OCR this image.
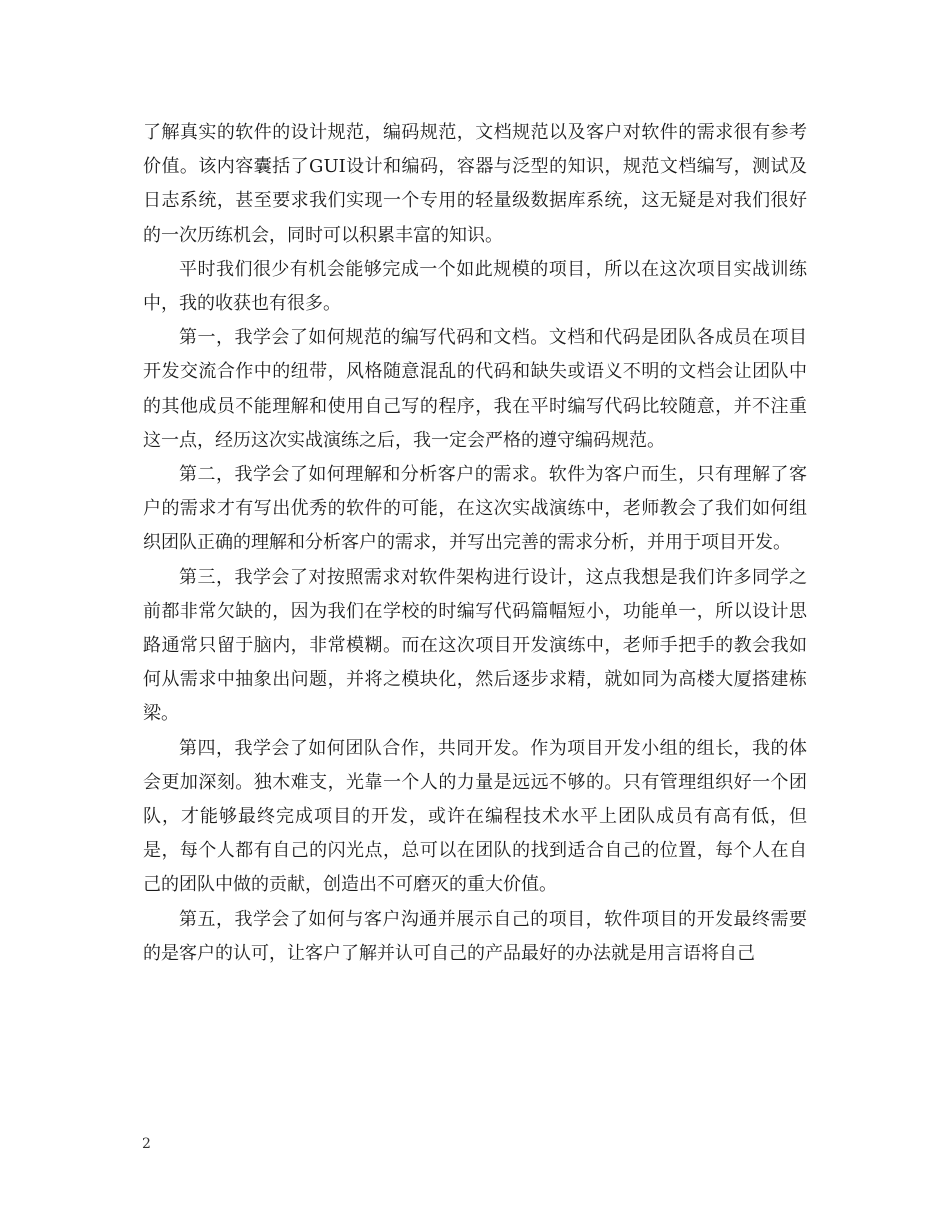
了解真实的软件的设计规范，编码规范，文档规范以及客户对软件的需求很有参考价值。该内容囊括了GUI设计和编码，容器与泛型的知识，规范文档编写，测试及日志系统，甚至要求我们实现一个专用的轻量级数据库系统，这无疑是对我们很好的一次历练机会，同时可以积累丰富的知识。

平时我们很少有机会能够完成一个如此规模的项目，所以在这次项目实战训练中，我的收获也有很多。

第一，我学会了如何规范的编写代码和文档。文档和代码是团队各成员在项目开发交流合作中的纽带，风格随意混乱的代码和缺失或语义不明的文档会让团队中的其他成员不能理解和使用自己写的程序，我在平时编写代码比较随意，并不注重这一点，经历这次实战演练之后，我一定会严格的遵守编码规范。

第二，我学会了如何理解和分析客户的需求。软件为客户而生，只有理解了客户的需求才有写出优秀的软件的可能，在这次实战演练中，老师教会了我们如何组织团队正确的理解和分析客户的需求，并写出完善的需求分析，并用于项目开发。

第三，我学会了对按照需求对软件架构进行设计，这点我想是我们许多同学之前都非常欠缺的，因为我们在学校的时编写代码篇幅短小，功能单一，所以设计思路通常只留于脑内，非常模糊。而在这次项目开发演练中，老师手把手的教会我如何从需求中抽象出问题，并将之模块化，然后逐步求精，就如同为高楼大厦搭建栋梁。

第四，我学会了如何团队合作，共同开发。作为项目开发小组的组长，我的体会更加深刻。独木难支，光靠一个人的力量是远远不够的。只有管理组织好一个团队，才能够最终完成项目的开发，或许在编程技术水平上团队成员有高有低，但是，每个人都有自己的闪光点，总可以在团队的找到适合自己的位置，每个人在自己的团队中做的贡献，创造出不可磨灭的重大价值。

第五，我学会了如何与客户沟通并展示自己的项目，软件项目的开发最终需要的是客户的认可，让客户了解并认可自己的产品最好的办法就是用言语将自己

2
